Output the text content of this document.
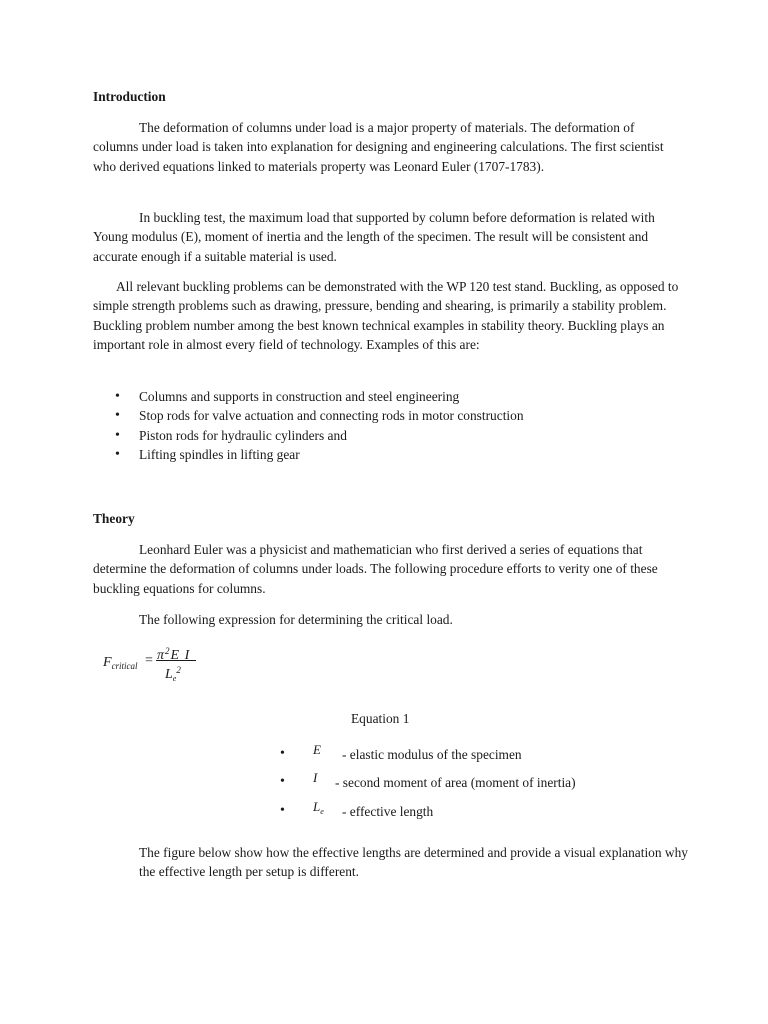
Introduction

The deformation of columns under load is a major property of materials. The deformation of columns under load is taken into explanation for designing and engineering calculations. The first scientist who derived equations linked to materials property was Leonard Euler (1707-1783).

In buckling test, the maximum load that supported by column before deformation is related with Young modulus (E), moment of inertia and the length of the specimen. The result will be consistent and accurate enough if a suitable material is used.

All relevant buckling problems can be demonstrated with the WP 120 test stand. Buckling, as opposed to simple strength problems such as drawing, pressure, bending and shearing, is primarily a stability problem. Buckling problem number among the best known technical examples in stability theory. Buckling plays an important role in almost every field of technology. Examples of this are:

• Columns and supports in construction and steel engineering
• Stop rods for valve actuation and connecting rods in motor construction
• Piston rods for hydraulic cylinders and
• Lifting spindles in lifting gear
Theory

Leonhard Euler was a physicist and mathematician who first derived a series of equations that determine the deformation of columns under loads. The following procedure efforts to verity one of these buckling equations for columns.

The following expression for determining the critical load.

$F_{critical} = \pi^2E$ I
$L_e^2$
Equation 1
• E - elastic modulus of the specimen
• I - second moment of area (moment of inertia)
• $L_e$ - effective length

The figure below show how the effective lengths are determined and provide a visual explanation why the effective length per setup is different.
